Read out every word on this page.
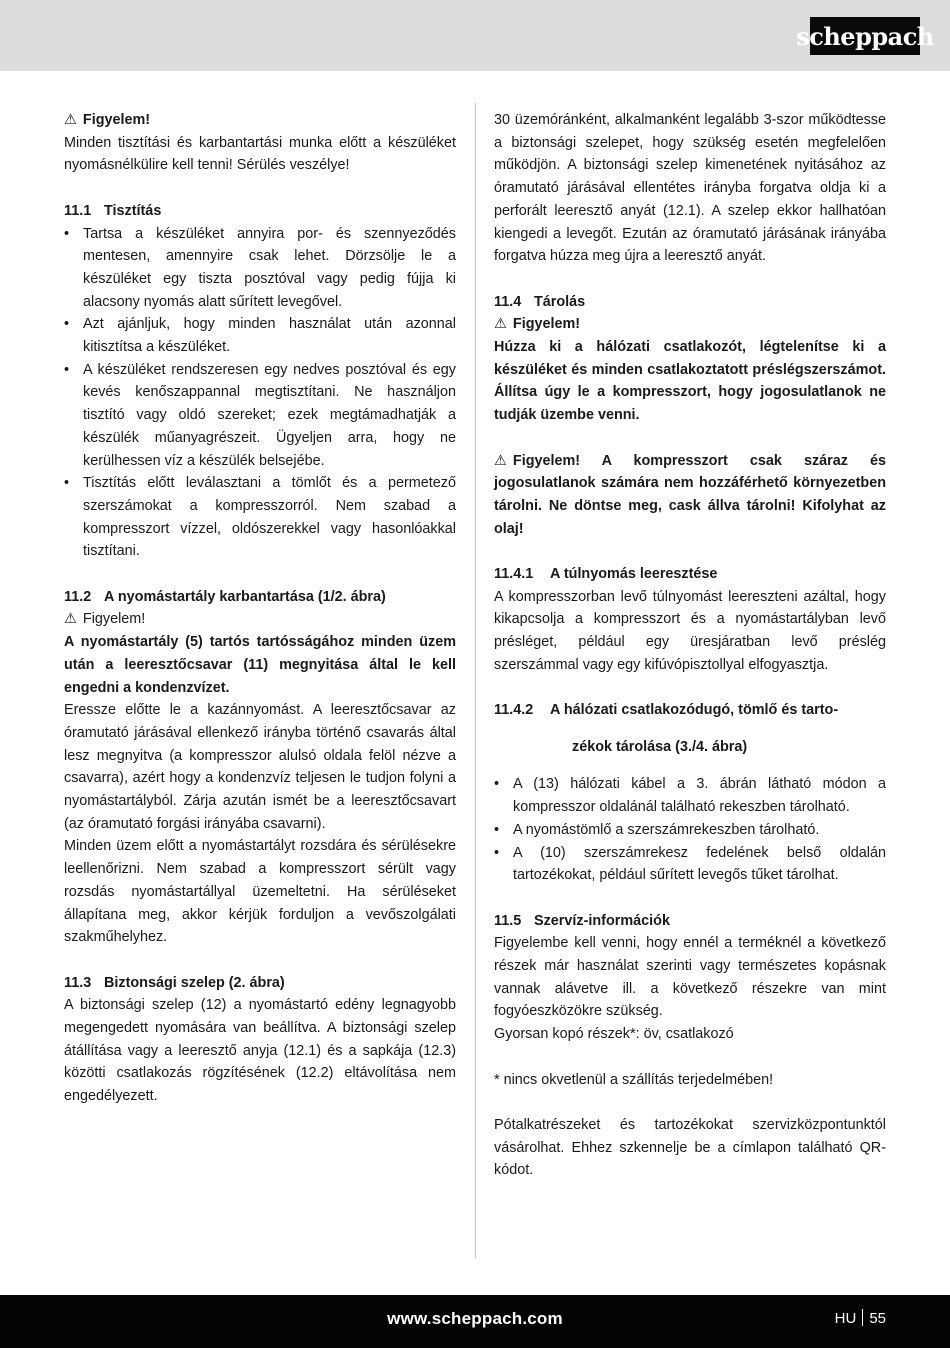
scheppach

⚠ Figyelem!

Minden tisztítási és karbantartási munka előtt a készüléket nyomásnélkülire kell tenni! Sérülés veszélye!

11.1 Tisztítás

• Tartsa a készüléket annyira por- és szennyeződés mentesen, amennyire csak lehet. Dörzsölje le a készüléket egy tiszta posztóval vagy pedig fújja ki alacsony nyomás alatt sűrített levegővel.
• Azt ajánljuk, hogy minden használat után azonnal kitisztítsa a készüléket.
• A készüléket rendszeresen egy nedves posztóval és egy kevés kenőszappannal megtisztítani. Ne használjon tisztító vagy oldó szereket; ezek megtámadhatják a készülék műanyagrészeit. Ügyeljen arra, hogy ne kerülhessen víz a készülék belsejébe.
• Tisztítás előtt leválasztani a tömlőt és a permetező szerszámokat a kompresszorról. Nem szabad a kompresszort vízzel, oldószerekkel vagy hasonlóakkal tisztítani.

11.2 A nyomástartály karbantartása (1/2. ábra)

⚠ Figyelem!

A nyomástartály (5) tartós tartósságához minden üzem után a leeresztőcsavar (11) megnyitása által le kell engedni a kondenzvízet.

Eressze előtte le a kazánnyomást. A leeresztőcsavar az óramutató járásával ellenkező irányba történő csavarás által lesz megnyitva (a kompresszor alulsó oldala felöl nézve a csavarra), azért hogy a kondenzvíz teljesen le tudjon folyni a nyomástartályból. Zárja azután ismét be a leeresztőcsavart (az óramutató forgási irányába csavarni).

Minden üzem előtt a nyomástartályt rozsdára és sérülésekre leellenőrizni. Nem szabad a kompresszort sérült vagy rozsdás nyomástartállyal üzemeltetni. Ha sérüléseket állapítana meg, akkor kérjük forduljon a vevőszolgálati szakműhelyhez.

11.3 Biztonsági szelep (2. ábra)

A biztonsági szelep (12) a nyomástartó edény legnagyobb megengedett nyomására van beállítva. A biztonsági szelep átállítása vagy a leeresztő anyja (12.1) és a sapkája (12.3) közötti csatlakozás rögzítésének (12.2) eltávolítása nem engedélyezett.

30 üzemóránként, alkalmanként legalább 3-szor működtesse a biztonsági szelepet, hogy szükség esetén megfelelően működjön. A biztonsági szelep kimenetének nyitásához az óramutató járásával ellentétes irányba forgatva oldja ki a perforált leeresztő anyát (12.1). A szelep ekkor hallhatóan kiengedi a levegőt. Ezután az óramutató járásának irányába forgatva húzza meg újra a leeresztő anyát.

11.4 Tárolás

⚠ Figyelem!

Húzza ki a hálózati csatlakozót, légtelenítse ki a készüléket és minden csatlakoztatott préslégszerszámot. Állítsa úgy le a kompresszort, hogy jogosulatlanok ne tudják üzembe venni.

⚠ Figyelem! A kompresszort csak száraz és jogosulatlanok számára nem hozzáférhető környezetben tárolni. Ne döntse meg, cask állva tárolni! Kifolyhat az olaj!

11.4.1 A túlnyomás leeresztése

A kompresszorban levő túlnyomást leereszteni azáltal, hogy kikapcsolja a kompresszort és a nyomástartályban levő présléget, például egy üresjáratban levő préslég szerszámmal vagy egy kifúvópisztollyal elfogyasztja.

11.4.2 A hálózati csatlakozódugó, tömlő és tarto-

zékok tárolása (3./4. ábra)

• A (13) hálózati kábel a 3. ábrán látható módon a kompresszor oldalánál található rekeszben tárolható.
• A nyomástömlő a szerszámrekeszben tárolható.
• A (10) szerszámrekesz fedelének belső oldalán tartozékokat, például sűrített levegős tűket tárolhat.

11.5 Szervíz-információk

Figyelembe kell venni, hogy ennél a terméknél a következő részek már használat szerinti vagy természetes kopásnak vannak alávetve ill. a következő részekre van mint fogyóeszközökre szükség.

Gyorsan kopó részek*: öv, csatlakozó

* nincs okvetlenül a szállítás terjedelmében!

Pótalkatrészeket és tartozékokat szervizközpontunktól vásárolhat. Ehhez szkennelje be a címlapon található QR-kódot.

www.scheppach.com	HU 55
